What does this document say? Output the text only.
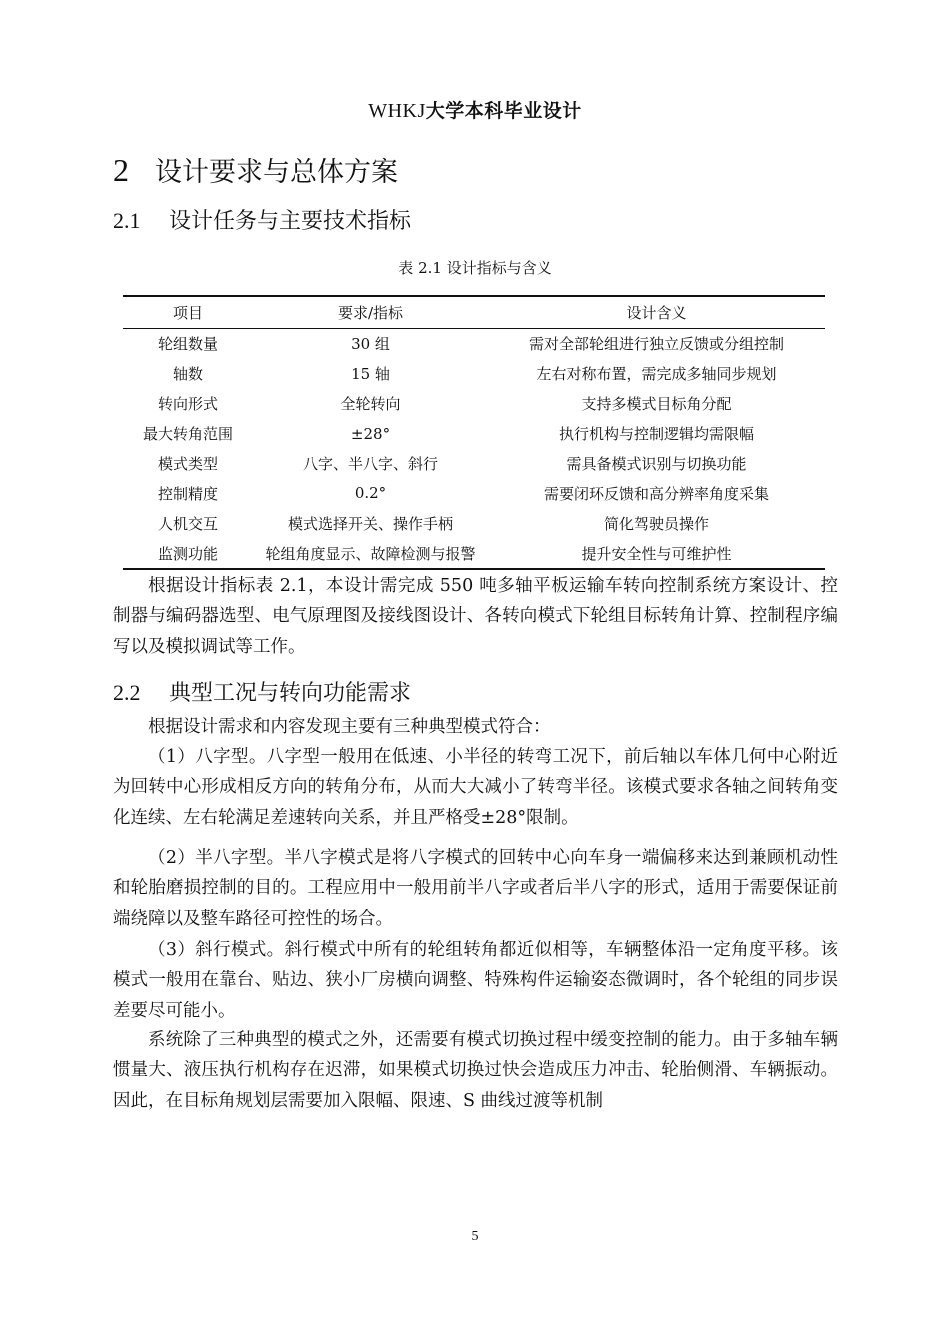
WHKJ大学本科毕业设计
2 设计要求与总体方案
2.1 设计任务与主要技术指标
表 2.1 设计指标与含义
项目	要求/指标	设计含义
轮组数量	30 组	需对全部轮组进行独立反馈或分组控制
轴数	15 轴	左右对称布置，需完成多轴同步规划
转向形式	全轮转向	支持多模式目标角分配
最大转角范围	±28°	执行机构与控制逻辑均需限幅
模式类型	八字、半八字、斜行	需具备模式识别与切换功能
控制精度	0.2°	需要闭环反馈和高分辨率角度采集
人机交互	模式选择开关、操作手柄	简化驾驶员操作
监测功能	轮组角度显示、故障检测与报警	提升安全性与可维护性

根据设计指标表 2.1，本设计需完成 550 吨多轴平板运输车转向控制系统方案设计、控制器与编码器选型、电气原理图及接线图设计、各转向模式下轮组目标转角计算、控制程序编写以及模拟调试等工作。

2.2 典型工况与转向功能需求

根据设计需求和内容发现主要有三种典型模式符合：

（1）八字型。八字型一般用在低速、小半径的转弯工况下，前后轴以车体几何中心附近为回转中心形成相反方向的转角分布，从而大大减小了转弯半径。该模式要求各轴之间转角变化连续、左右轮满足差速转向关系，并且严格受±28°限制。

（2）半八字型。半八字模式是将八字模式的回转中心向车身一端偏移来达到兼顾机动性和轮胎磨损控制的目的。工程应用中一般用前半八字或者后半八字的形式，适用于需要保证前端绕障以及整车路径可控性的场合。

（3）斜行模式。斜行模式中所有的轮组转角都近似相等，车辆整体沿一定角度平移。该模式一般用在靠台、贴边、狭小厂房横向调整、特殊构件运输姿态微调时，各个轮组的同步误差要尽可能小。

系统除了三种典型的模式之外，还需要有模式切换过程中缓变控制的能力。由于多轴车辆惯量大、液压执行机构存在迟滞，如果模式切换过快会造成压力冲击、轮胎侧滑、车辆振动。因此，在目标角规划层需要加入限幅、限速、S 曲线过渡等机制

5
